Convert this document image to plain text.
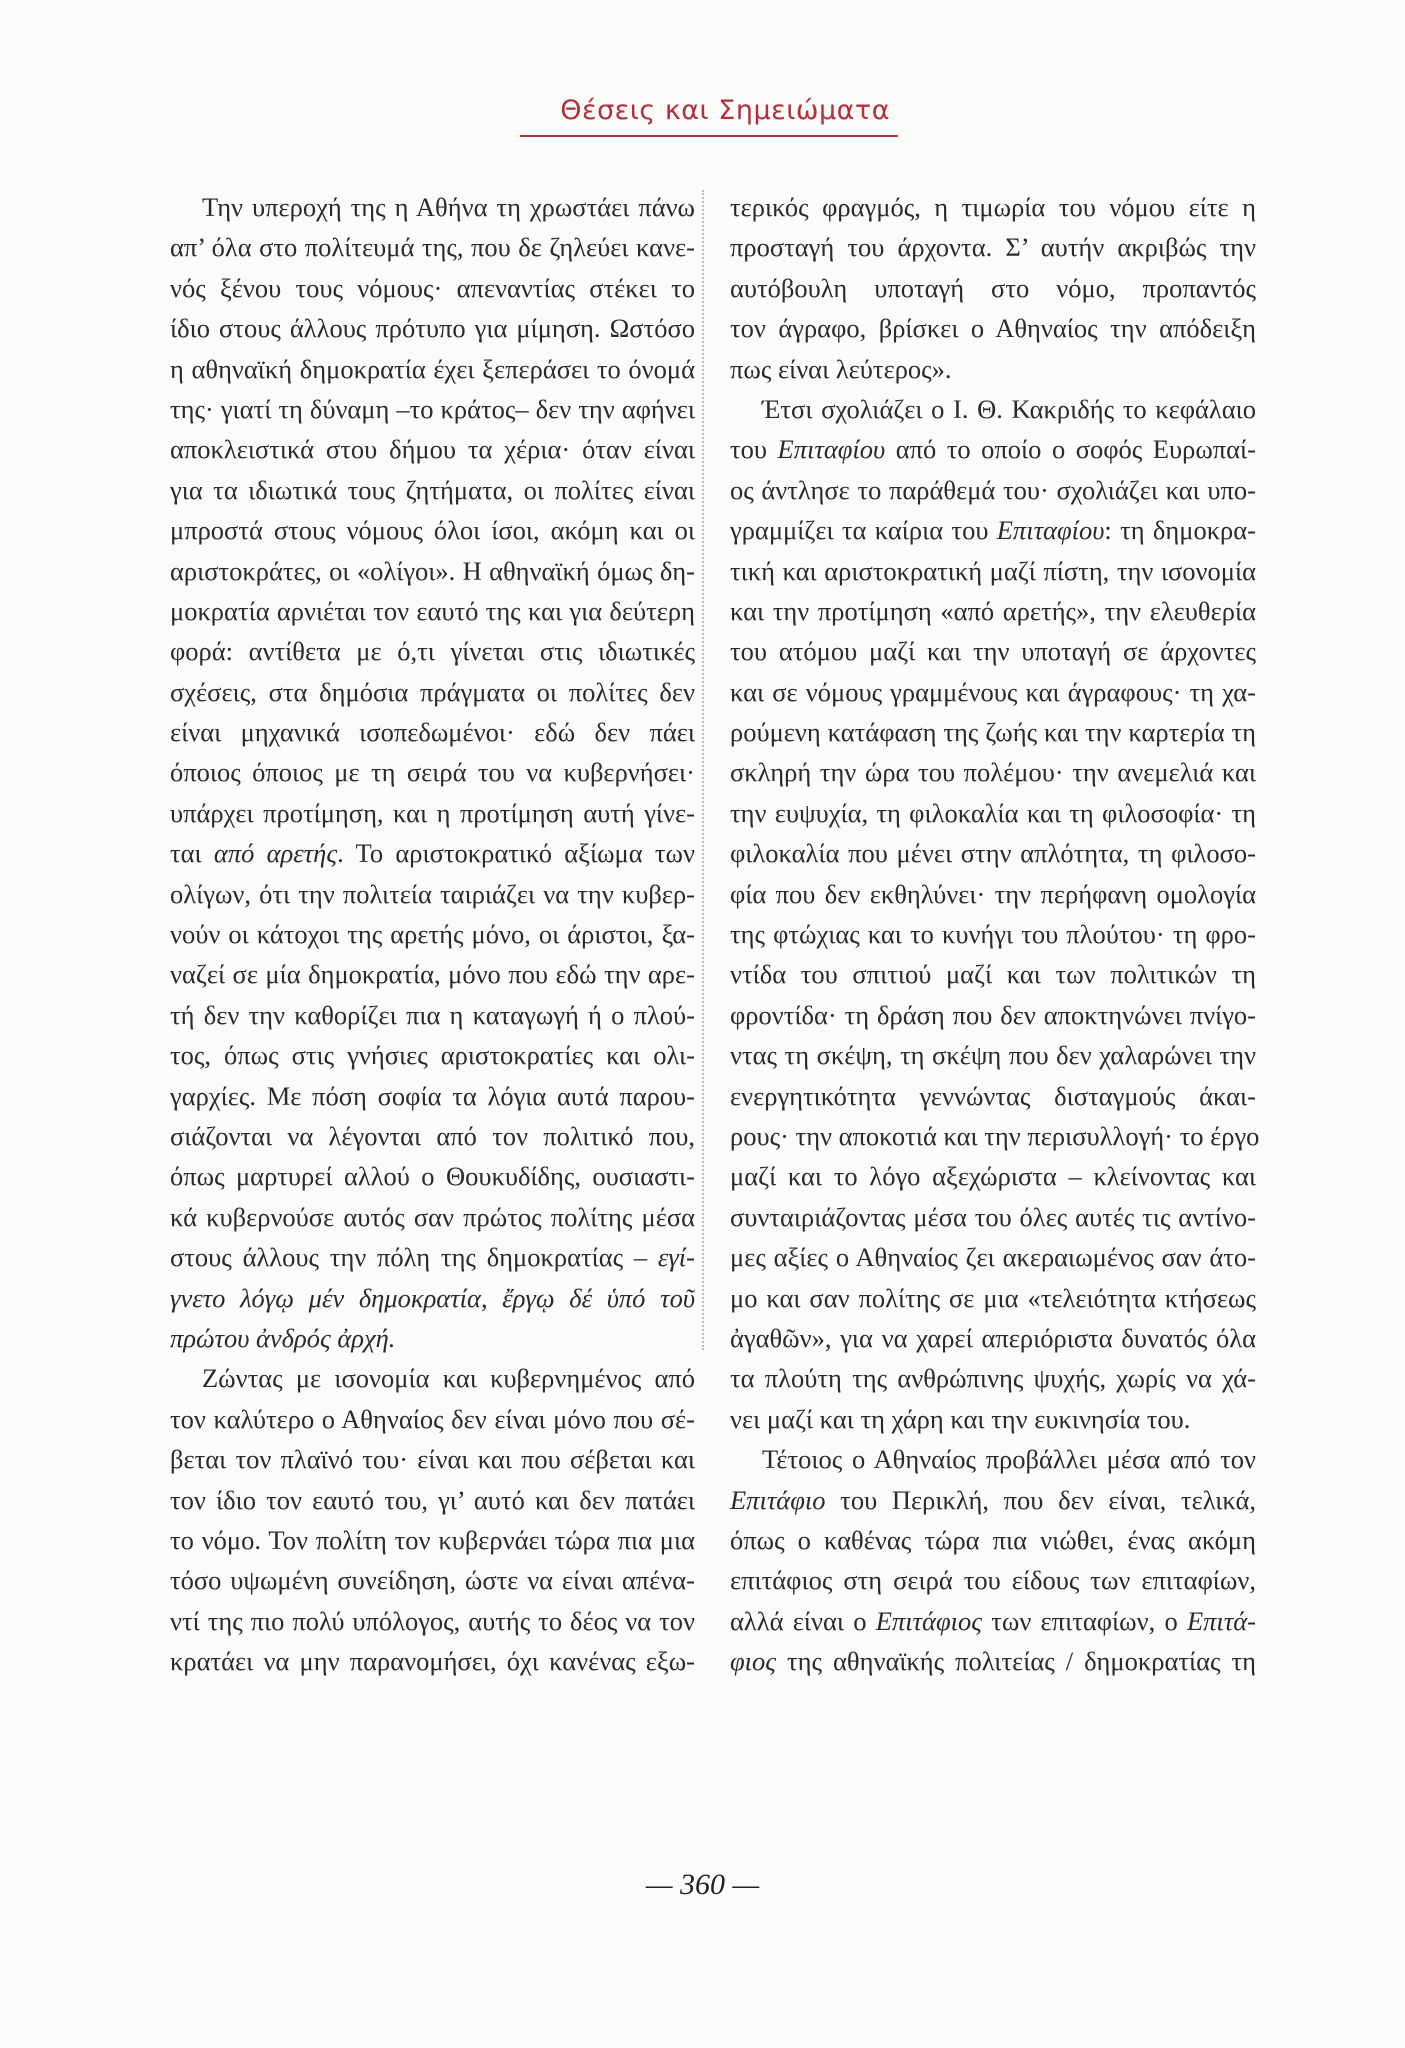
Θέσεις και Σημειώματα
Την υπεροχή της η Αθήνα τη χρωστάει πάνω
απ’ όλα στο πολίτευμά της, που δε ζηλεύει κανε-
νός ξένου τους νόμους· απεναντίας στέκει το
ίδιο στους άλλους πρότυπο για μίμηση. Ωστόσο
η αθηναϊκή δημοκρατία έχει ξεπεράσει το όνομά
της· γιατί τη δύναμη –το κράτος– δεν την αφήνει
αποκλειστικά στου δήμου τα χέρια· όταν είναι
για τα ιδιωτικά τους ζητήματα, οι πολίτες είναι
μπροστά στους νόμους όλοι ίσοι, ακόμη και οι
αριστοκράτες, οι «ολίγοι». Η αθηναϊκή όμως δη-
μοκρατία αρνιέται τον εαυτό της και για δεύτερη
φορά: αντίθετα με ό,τι γίνεται στις ιδιωτικές
σχέσεις, στα δημόσια πράγματα οι πολίτες δεν
είναι μηχανικά ισοπεδωμένοι· εδώ δεν πάει
όποιος όποιος με τη σειρά του να κυβερνήσει·
υπάρχει προτίμηση, και η προτίμηση αυτή γίνε-
ται από αρετής. Το αριστοκρατικό αξίωμα των
ολίγων, ότι την πολιτεία ταιριάζει να την κυβερ-
νούν οι κάτοχοι της αρετής μόνο, οι άριστοι, ξα-
ναζεί σε μία δημοκρατία, μόνο που εδώ την αρε-
τή δεν την καθορίζει πια η καταγωγή ή ο πλού-
τος, όπως στις γνήσιες αριστοκρατίες και ολι-
γαρχίες. Με πόση σοφία τα λόγια αυτά παρου-
σιάζονται να λέγονται από τον πολιτικό που,
όπως μαρτυρεί αλλού ο Θουκυδίδης, ουσιαστι-
κά κυβερνούσε αυτός σαν πρώτος πολίτης μέσα
στους άλλους την πόλη της δημοκρατίας – εγί-
γνετο λόγῳ μέν δημοκρατία, ἔργῳ δέ ὑπό τοῦ
πρώτου ἀνδρός ἀρχή.
Ζώντας με ισονομία και κυβερνημένος από
τον καλύτερο ο Αθηναίος δεν είναι μόνο που σέ-
βεται τον πλαϊνό του· είναι και που σέβεται και
τον ίδιο τον εαυτό του, γι’ αυτό και δεν πατάει
το νόμο. Τον πολίτη τον κυβερνάει τώρα πια μια
τόσο υψωμένη συνείδηση, ώστε να είναι απένα-
ντί της πιο πολύ υπόλογος, αυτής το δέος να τον
κρατάει να μην παρανομήσει, όχι κανένας εξω-
τερικός φραγμός, η τιμωρία του νόμου είτε η
προσταγή του άρχοντα. Σ’ αυτήν ακριβώς την
αυτόβουλη υποταγή στο νόμο, προπαντός
τον άγραφο, βρίσκει ο Αθηναίος την απόδειξη
πως είναι λεύτερος».
Έτσι σχολιάζει ο Ι. Θ. Κακριδής το κεφάλαιο
του Επιταφίου από το οποίο ο σοφός Ευρωπαί-
ος άντλησε το παράθεμά του· σχολιάζει και υπο-
γραμμίζει τα καίρια του Επιταφίου: τη δημοκρα-
τική και αριστοκρατική μαζί πίστη, την ισονομία
και την προτίμηση «από αρετής», την ελευθερία
του ατόμου μαζί και την υποταγή σε άρχοντες
και σε νόμους γραμμένους και άγραφους· τη χα-
ρούμενη κατάφαση της ζωής και την καρτερία τη
σκληρή την ώρα του πολέμου· την ανεμελιά και
την ευψυχία, τη φιλοκαλία και τη φιλοσοφία· τη
φιλοκαλία που μένει στην απλότητα, τη φιλοσο-
φία που δεν εκθηλύνει· την περήφανη ομολογία
της φτώχιας και το κυνήγι του πλούτου· τη φρο-
ντίδα του σπιτιού μαζί και των πολιτικών τη
φροντίδα· τη δράση που δεν αποκτηνώνει πνίγο-
ντας τη σκέψη, τη σκέψη που δεν χαλαρώνει την
ενεργητικότητα γεννώντας δισταγμούς άκαι-
ρους· την αποκοτιά και την περισυλλογή· το έργο
μαζί και το λόγο αξεχώριστα – κλείνοντας και
συνταιριάζοντας μέσα του όλες αυτές τις αντίνο-
μες αξίες ο Αθηναίος ζει ακεραιωμένος σαν άτο-
μο και σαν πολίτης σε μια «τελειότητα κτήσεως
ἀγαθῶν», για να χαρεί απεριόριστα δυνατός όλα
τα πλούτη της ανθρώπινης ψυχής, χωρίς να χά-
νει μαζί και τη χάρη και την ευκινησία του.
Τέτοιος ο Αθηναίος προβάλλει μέσα από τον
Επιτάφιο του Περικλή, που δεν είναι, τελικά,
όπως ο καθένας τώρα πια νιώθει, ένας ακόμη
επιτάφιος στη σειρά του είδους των επιταφίων,
αλλά είναι ο Επιτάφιος των επιταφίων, ο Επιτά-
φιος της αθηναϊκής πολιτείας / δημοκρατίας τη
— 360 —
